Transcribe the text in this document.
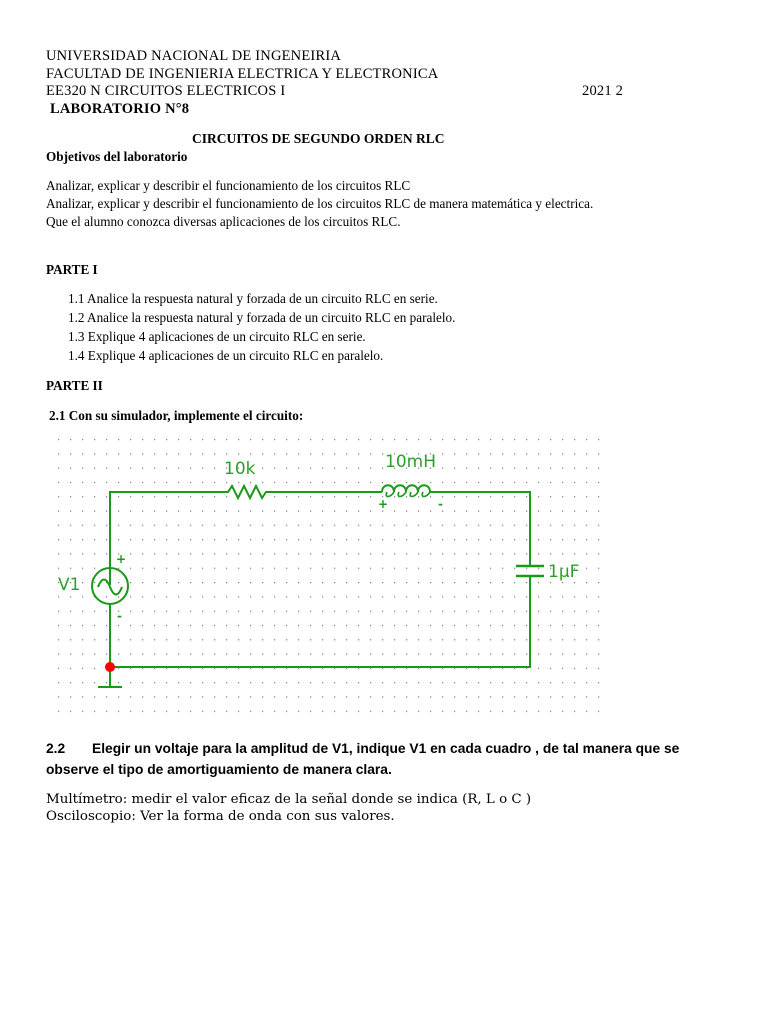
UNIVERSIDAD NACIONAL DE INGENEIRIA
FACULTAD DE INGENIERIA ELECTRICA Y ELECTRONICA
EE320 N CIRCUITOS ELECTRICOS I	2021 2
LABORATORIO N°8
CIRCUITOS DE SEGUNDO ORDEN RLC
Objetivos del laboratorio
Analizar, explicar y describir el funcionamiento de los circuitos RLC
Analizar, explicar y describir el funcionamiento de los circuitos RLC de manera matemática y electrica.
Que el alumno conozca diversas aplicaciones de los circuitos RLC.
PARTE I
1.1 Analice la respuesta natural y forzada de un circuito RLC en serie.
1.2 Analice la respuesta natural y forzada de un circuito RLC en paralelo.
1.3 Explique 4 aplicaciones de un circuito RLC en serie.
1.4 Explique 4 aplicaciones de un circuito RLC en paralelo.
PARTE II
2.1 Con su simulador, implemente el circuito:
10k	10mH
1µF
V1
+
-
+	-
2.2 Elegir un voltaje para la amplitud de V1, indique V1 en cada cuadro , de tal manera que se
observe el tipo de amortiguamiento de manera clara.
Multímetro: medir el valor eficaz de la señal donde se indica (R, L o C )
Osciloscopio: Ver la forma de onda con sus valores.
